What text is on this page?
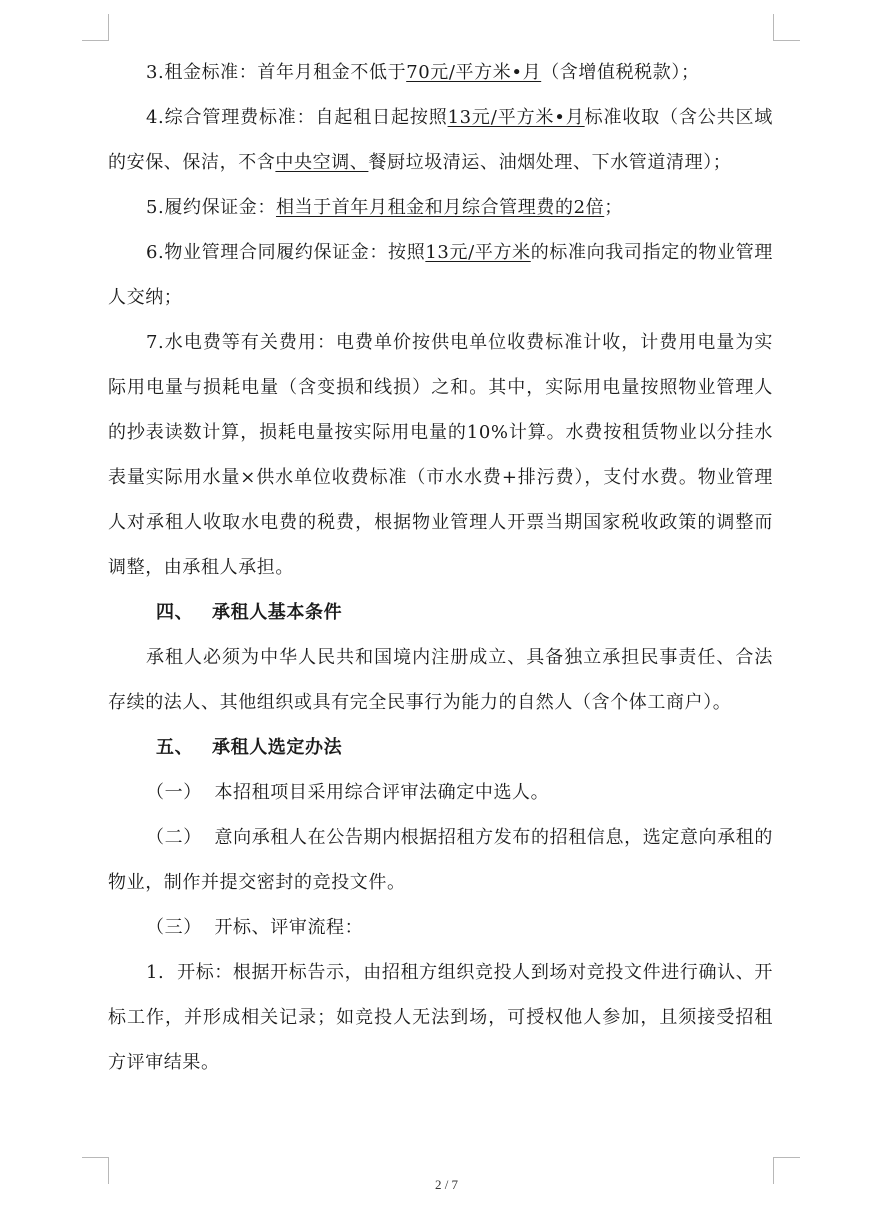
3.租金标准：首年月租金不低于70元/平方米•月（含增值税税款）；

4.综合管理费标准：自起租日起按照13元/平方米•月标准收取（含公共区域的安保、保洁，不含中央空调、餐厨垃圾清运、油烟处理、下水管道清理）；

5.履约保证金：相当于首年月租金和月综合管理费的2倍；

6.物业管理合同履约保证金：按照13元/平方米的标准向我司指定的物业管理人交纳；

7.水电费等有关费用：电费单价按供电单位收费标准计收，计费用电量为实际用电量与损耗电量（含变损和线损）之和。其中，实际用电量按照物业管理人的抄表读数计算，损耗电量按实际用电量的10%计算。水费按租赁物业以分挂水表量实际用水量×供水单位收费标准（市水水费+排污费），支付水费。物业管理人对承租人收取水电费的税费，根据物业管理人开票当期国家税收政策的调整而调整，由承租人承担。

四、 承租人基本条件

承租人必须为中华人民共和国境内注册成立、具备独立承担民事责任、合法存续的法人、其他组织或具有完全民事行为能力的自然人（含个体工商户）。

五、 承租人选定办法

（一）  本招租项目采用综合评审法确定中选人。

（二）  意向承租人在公告期内根据招租方发布的招租信息，选定意向承租的物业，制作并提交密封的竞投文件。

（三）  开标、评审流程：

1.  开标：根据开标告示，由招租方组织竞投人到场对竞投文件进行确认、开标工作，并形成相关记录；如竞投人无法到场，可授权他人参加，且须接受招租方评审结果。

2 / 7
